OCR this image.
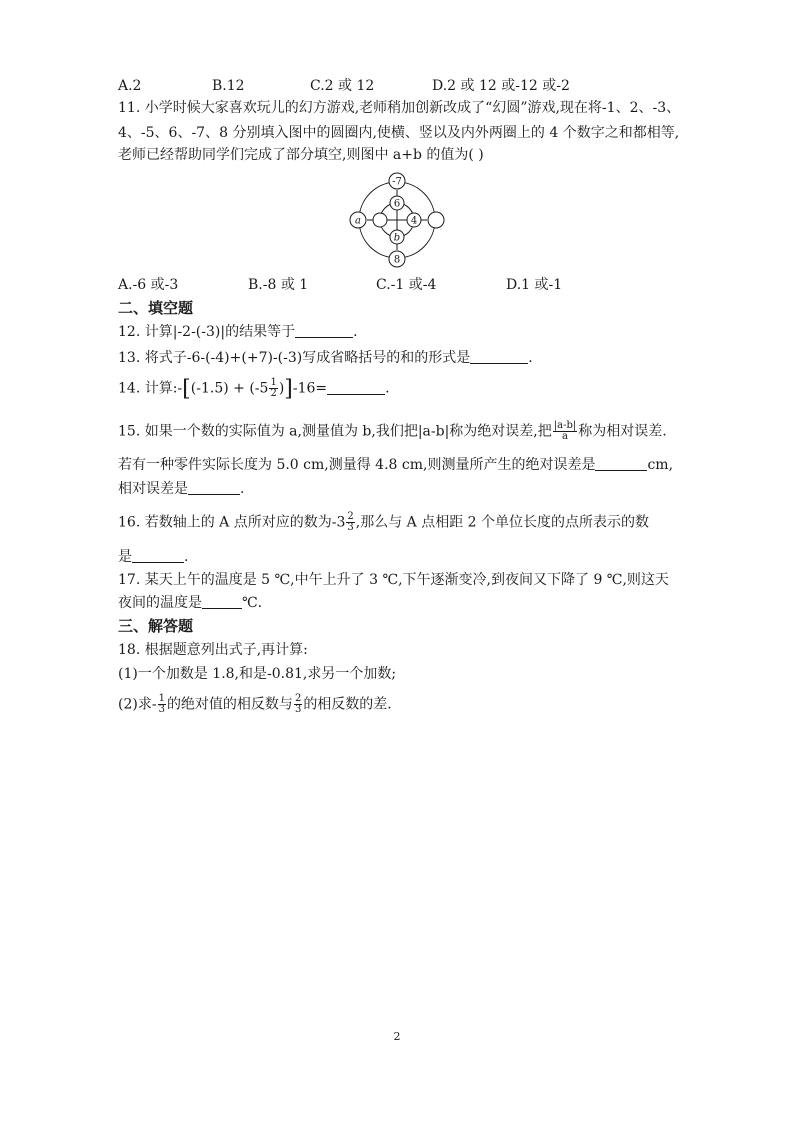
A.2	B.12	C.2 或 12	D.2 或 12 或-12 或-2
11. 小学时候大家喜欢玩儿的幻方游戏,老师稍加创新改成了“幻圆”游戏,现在将-1、2、-3、
4、-5、6、-7、8 分别填入图中的圆圈内,使横、竖以及内外两圈上的 4 个数字之和都相等,
老师已经帮助同学们完成了部分填空,则图中 a+b 的值为( )
-7
a
6
4
b
8
A.-6 或-3	B.-8 或 1	C.-1 或-4	D.1 或-1
二、填空题
12. 计算|-2-(-3)|的结果等于	.
13. 将式子-6-(-4)+(+7)-(-3)写成省略括号的和的形式是	.
14. 计算:-[(-1.5) + $(-5 \frac{1}{2} )]-16=$	.
15. 如果一个数的实际值为 a,测量值为 b,我们把|a-b|称为绝对误差,把 $\frac{|a-b|}{a}$ 称为相对误差.
若有一种零件实际长度为 5.0 cm,测量得 4.8 cm,则测量所产生的绝对误差是	cm,
相对误差是	.
16. 若数轴上的 A 点所对应的数为$-3 \frac{2}{3}$ ,那么与 A 点相距 2 个单位长度的点所表示的数
是	.
17. 某天上午的温度是 5 ℃,中午上升了 3 ℃,下午逐渐变冷,到夜间又下降了 9 ℃,则这天
夜间的温度是	℃.
三、解答题
18. 根据题意列出式子,再计算:
(1)一个加数是 1.8,和是-0.81,求另一个加数;
(2)求- $\frac{1}{3}$ 的绝对值的相反数与 $\frac{2}{3}$ 的相反数的差.
2
